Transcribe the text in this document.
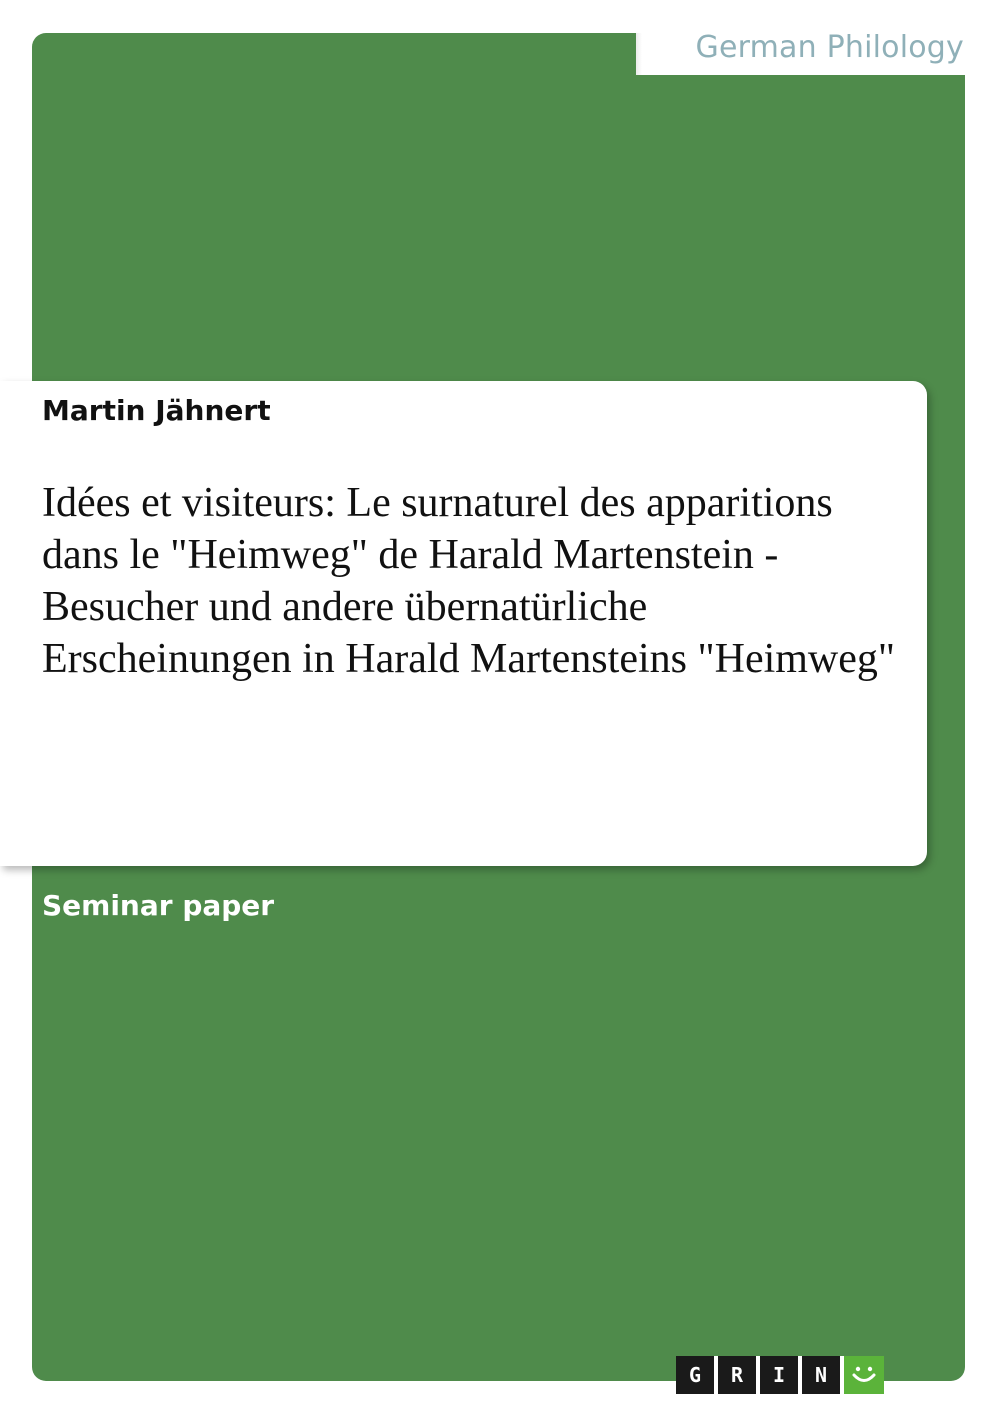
German Philology
Martin Jähnert
Idées et visiteurs: Le surnaturel des apparitions dans le "Heimweg" de Harald Martenstein - Besucher und andere übernatürliche Erscheinungen in Harald Martensteins "Heimweg"
Seminar paper
G	R	I	N
